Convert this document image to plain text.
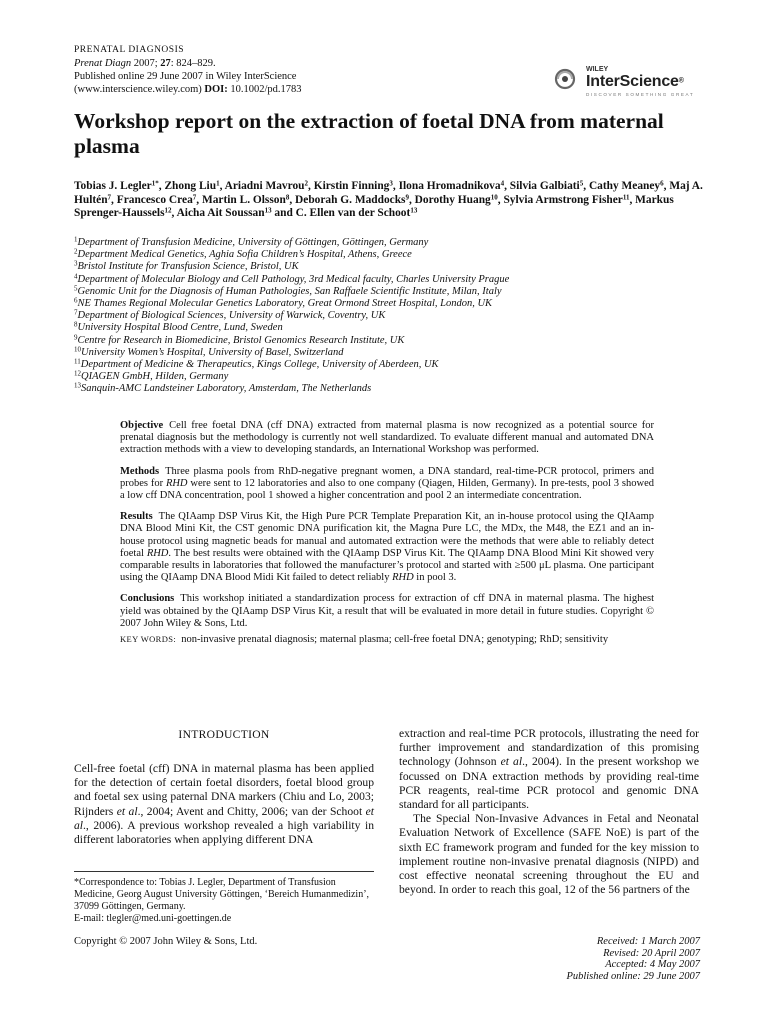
PRENATAL DIAGNOSIS
Prenat Diagn 2007; 27: 824–829.
Published online 29 June 2007 in Wiley InterScience
(www.interscience.wiley.com) DOI: 10.1002/pd.1783
WILEY
InterScience®
DISCOVER SOMETHING GREAT
Workshop report on the extraction of foetal DNA from maternal plasma
Tobias J. Legler$^{1*}$, Zhong Liu$^1$, Ariadni Mavrou$^2$, Kirstin Finning$^3$, Ilona Hromadnikova$^4$, Silvia Galbiati$^5$, Cathy Meaney$^6$, Maj A. Hultén$^7$, Francesco Crea$^7$, Martin L. Olsson$^8$, Deborah G. Maddocks$^9$, Dorothy Huang$^{10}$, Sylvia Armstrong Fisher$^{11}$, Markus Sprenger-Haussels$^{12}$, Aicha Ait Soussan$^{13}$ and C. Ellen van der Schoot$^{13}$
$^1$Department of Transfusion Medicine, University of Göttingen, Göttingen, Germany
$^2$Department Medical Genetics, Aghia Sofia Children’s Hospital, Athens, Greece
$^3$Bristol Institute for Transfusion Science, Bristol, UK
$^4$Department of Molecular Biology and Cell Pathology, 3rd Medical faculty, Charles University Prague
$^5$Genomic Unit for the Diagnosis of Human Pathologies, San Raffaele Scientific Institute, Milan, Italy
$^6$NE Thames Regional Molecular Genetics Laboratory, Great Ormond Street Hospital, London, UK
$^7$Department of Biological Sciences, University of Warwick, Coventry, UK
$^8$University Hospital Blood Centre, Lund, Sweden
$^9$Centre for Research in Biomedicine, Bristol Genomics Research Institute, UK
$^{10}$University Women’s Hospital, University of Basel, Switzerland
$^{11}$Department of Medicine & Therapeutics, Kings College, University of Aberdeen, UK
$^{12}$QIAGEN GmbH, Hilden, Germany
$^{13}$Sanquin-AMC Landsteiner Laboratory, Amsterdam, The Netherlands

Objective Cell free foetal DNA (cff DNA) extracted from maternal plasma is now recognized as a potential source for prenatal diagnosis but the methodology is currently not well standardized. To evaluate different manual and automated DNA extraction methods with a view to developing standards, an International Workshop was performed.

Methods Three plasma pools from RhD-negative pregnant women, a DNA standard, real-time-PCR protocol, primers and probes for RHD were sent to 12 laboratories and also to one company (Qiagen, Hilden, Germany). In pre-tests, pool 3 showed a low cff DNA concentration, pool 1 showed a higher concentration and pool 2 an intermediate concentration.

Results The QIAamp DSP Virus Kit, the High Pure PCR Template Preparation Kit, an in-house protocol using the QIAamp DNA Blood Mini Kit, the CST genomic DNA purification kit, the Magna Pure LC, the MDx, the M48, the EZ1 and an in-house protocol using magnetic beads for manual and automated extraction were the methods that were able to reliably detect foetal RHD. The best results were obtained with the QIAamp DSP Virus Kit. The QIAamp DNA Blood Mini Kit showed very comparable results in laboratories that followed the manufacturer’s protocol and started with ≥500 μL plasma. One participant using the QIAamp DNA Blood Midi Kit failed to detect reliably RHD in pool 3.

Conclusions This workshop initiated a standardization process for extraction of cff DNA in maternal plasma. The highest yield was obtained by the QIAamp DSP Virus Kit, a result that will be evaluated in more detail in future studies. Copyright © 2007 John Wiley & Sons, Ltd.

KEY WORDS: non-invasive prenatal diagnosis; maternal plasma; cell-free foetal DNA; genotyping; RhD; sensitivity

INTRODUCTION

Cell-free foetal (cff) DNA in maternal plasma has been applied for the detection of certain foetal disorders, foetal blood group and foetal sex using paternal DNA markers (Chiu and Lo, 2003; Rijnders et al., 2004; Avent and Chitty, 2006; van der Schoot et al., 2006). A previous workshop revealed a high variability in different laboratories when applying different DNA

extraction and real-time PCR protocols, illustrating the need for further improvement and standardization of this promising technology (Johnson et al., 2004). In the present workshop we focussed on DNA extraction methods by providing real-time PCR reagents, real-time PCR protocol and genomic DNA standard for all participants.

The Special Non-Invasive Advances in Fetal and Neonatal Evaluation Network of Excellence (SAFE NoE) is part of the sixth EC framework program and funded for the key mission to implement routine non-invasive prenatal diagnosis (NIPD) and cost effective neonatal screening throughout the EU and beyond. In order to reach this goal, 12 of the 56 partners of the

*Correspondence to: Tobias J. Legler, Department of Transfusion Medicine, Georg August University Göttingen, ‘Bereich Humanmedizin’, 37099 Göttingen, Germany.
E-mail: tlegler@med.uni-goettingen.de
Copyright © 2007 John Wiley & Sons, Ltd.	Received: 1 March 2007
Revised: 20 April 2007
Accepted: 4 May 2007
Published online: 29 June 2007
